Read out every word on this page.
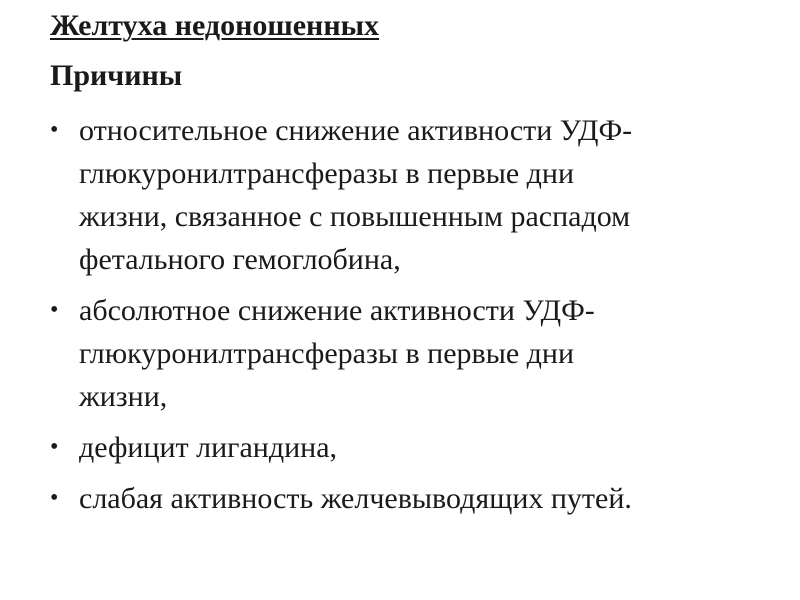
Желтуха недоношенных
Причины
• относительное снижение активности УДФ-
глюкуронилтрансферазы в первые дни
жизни, связанное с повышенным распадом
фетального гемоглобина,
• абсолютное снижение активности УДФ-
глюкуронилтрансферазы в первые дни
жизни,
• дефицит лигандина,
• слабая активность желчевыводящих путей.
